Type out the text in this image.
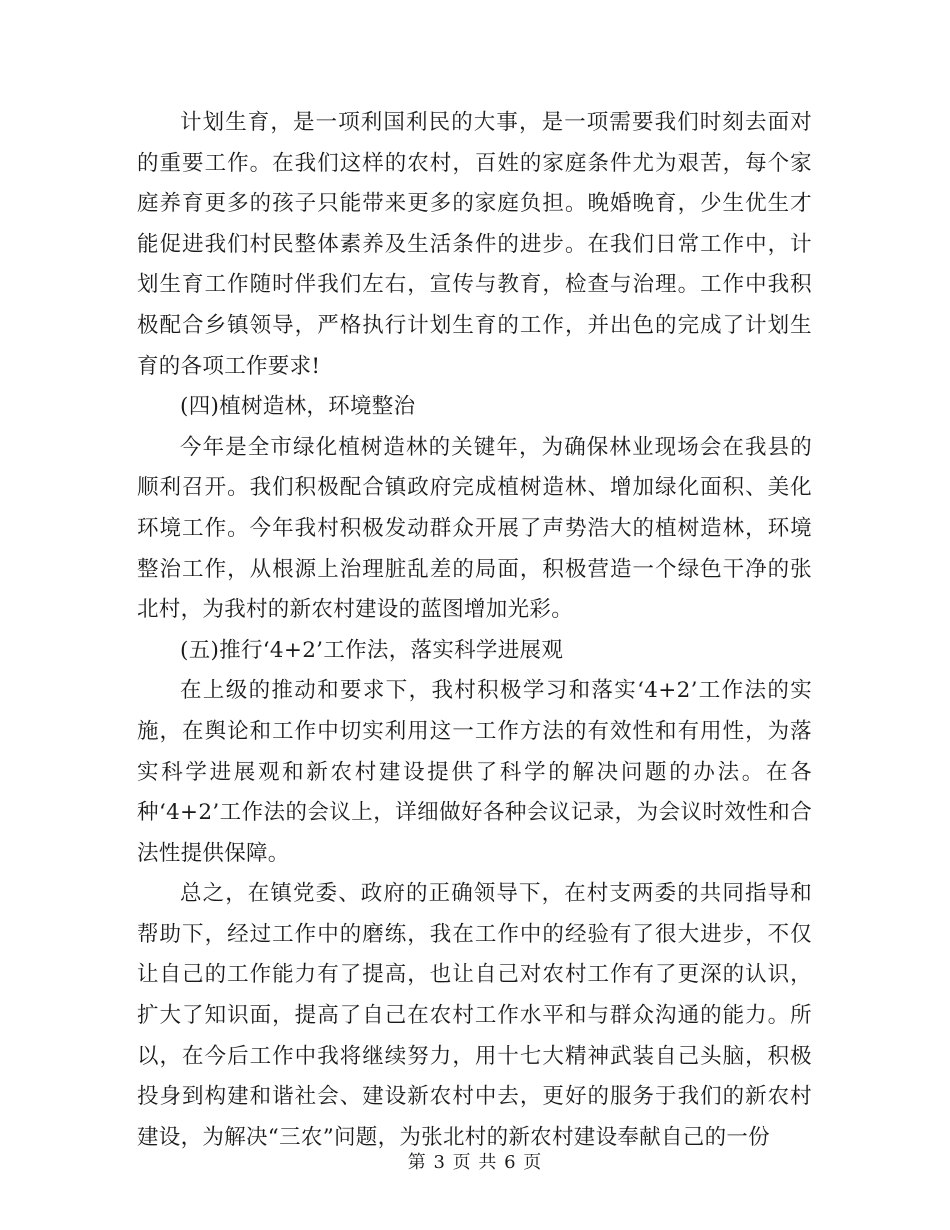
计划生育，是一项利国利民的大事，是一项需要我们时刻去面对的重要工作。在我们这样的农村，百姓的家庭条件尤为艰苦，每个家庭养育更多的孩子只能带来更多的家庭负担。晚婚晚育，少生优生才能促进我们村民整体素养及生活条件的进步。在我们日常工作中，计划生育工作随时伴我们左右，宣传与教育，检查与治理。工作中我积极配合乡镇领导，严格执行计划生育的工作，并出色的完成了计划生育的各项工作要求!

(四)植树造林，环境整治

今年是全市绿化植树造林的关键年，为确保林业现场会在我县的顺利召开。我们积极配合镇政府完成植树造林、增加绿化面积、美化环境工作。今年我村积极发动群众开展了声势浩大的植树造林，环境整治工作，从根源上治理脏乱差的局面，积极营造一个绿色干净的张北村，为我村的新农村建设的蓝图增加光彩。

(五)推行‘4+2’工作法，落实科学进展观

在上级的推动和要求下，我村积极学习和落实‘4+2’工作法的实施，在舆论和工作中切实利用这一工作方法的有效性和有用性，为落实科学进展观和新农村建设提供了科学的解决问题的办法。在各种‘4+2’工作法的会议上，详细做好各种会议记录，为会议时效性和合法性提供保障。

总之，在镇党委、政府的正确领导下，在村支两委的共同指导和帮助下，经过工作中的磨练，我在工作中的经验有了很大进步，不仅让自己的工作能力有了提高，也让自己对农村工作有了更深的认识，扩大了知识面，提高了自己在农村工作水平和与群众沟通的能力。所以，在今后工作中我将继续努力，用十七大精神武装自己头脑，积极投身到构建和谐社会、建设新农村中去，更好的服务于我们的新农村建设，为解决“三农”问题，为张北村的新农村建设奉献自己的一份

第 3 页 共 6 页
